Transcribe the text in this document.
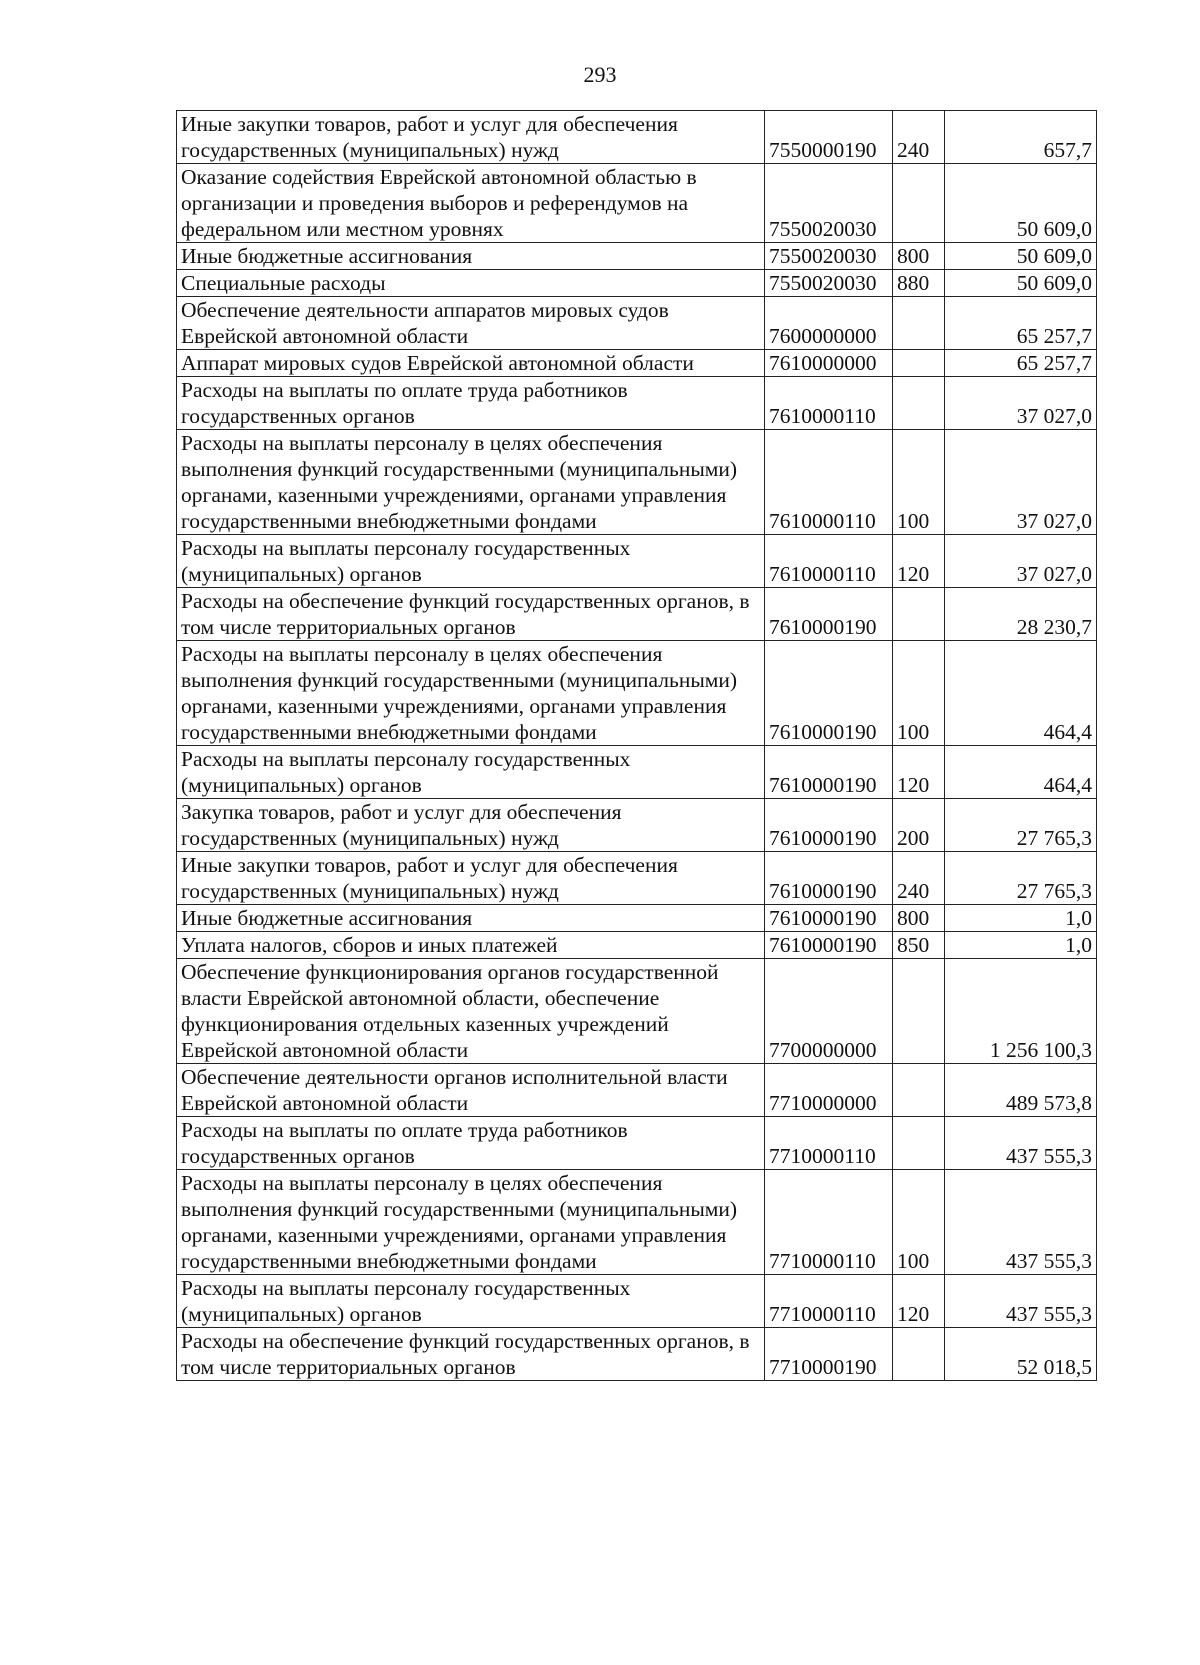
293
Иные закупки товаров, работ и услуг для обеспечения государственных (муниципальных) нужд	7550000190	240	657,7
Оказание содействия Еврейской автономной областью в организации и проведения выборов и референдумов на федеральном или местном уровнях	7550020030		50 609,0
Иные бюджетные ассигнования	7550020030	800	50 609,0
Специальные расходы	7550020030	880	50 609,0
Обеспечение деятельности аппаратов мировых судов Еврейской автономной области	7600000000		65 257,7
Аппарат мировых судов Еврейской автономной области	7610000000		65 257,7
Расходы на выплаты по оплате труда работников государственных органов	7610000110		37 027,0
Расходы на выплаты персоналу в целях обеспечения выполнения функций государственными (муниципальными) органами, казенными учреждениями, органами управления государственными внебюджетными фондами	7610000110	100	37 027,0
Расходы на выплаты персоналу государственных (муниципальных) органов	7610000110	120	37 027,0
Расходы на обеспечение функций государственных органов, в том числе территориальных органов	7610000190		28 230,7
Расходы на выплаты персоналу в целях обеспечения выполнения функций государственными (муниципальными) органами, казенными учреждениями, органами управления государственными внебюджетными фондами	7610000190	100	464,4
Расходы на выплаты персоналу государственных (муниципальных) органов	7610000190	120	464,4
Закупка товаров, работ и услуг для обеспечения государственных (муниципальных) нужд	7610000190	200	27 765,3
Иные закупки товаров, работ и услуг для обеспечения государственных (муниципальных) нужд	7610000190	240	27 765,3
Иные бюджетные ассигнования	7610000190	800	1,0
Уплата налогов, сборов и иных платежей	7610000190	850	1,0
Обеспечение функционирования органов государственной власти Еврейской автономной области, обеспечение функционирования отдельных казенных учреждений Еврейской автономной области	7700000000		1 256 100,3
Обеспечение деятельности органов исполнительной власти Еврейской автономной области	7710000000		489 573,8
Расходы на выплаты по оплате труда работников государственных органов	7710000110		437 555,3
Расходы на выплаты персоналу в целях обеспечения выполнения функций государственными (муниципальными) органами, казенными учреждениями, органами управления государственными внебюджетными фондами	7710000110	100	437 555,3
Расходы на выплаты персоналу государственных (муниципальных) органов	7710000110	120	437 555,3
Расходы на обеспечение функций государственных органов, в том числе территориальных органов	7710000190		52 018,5
